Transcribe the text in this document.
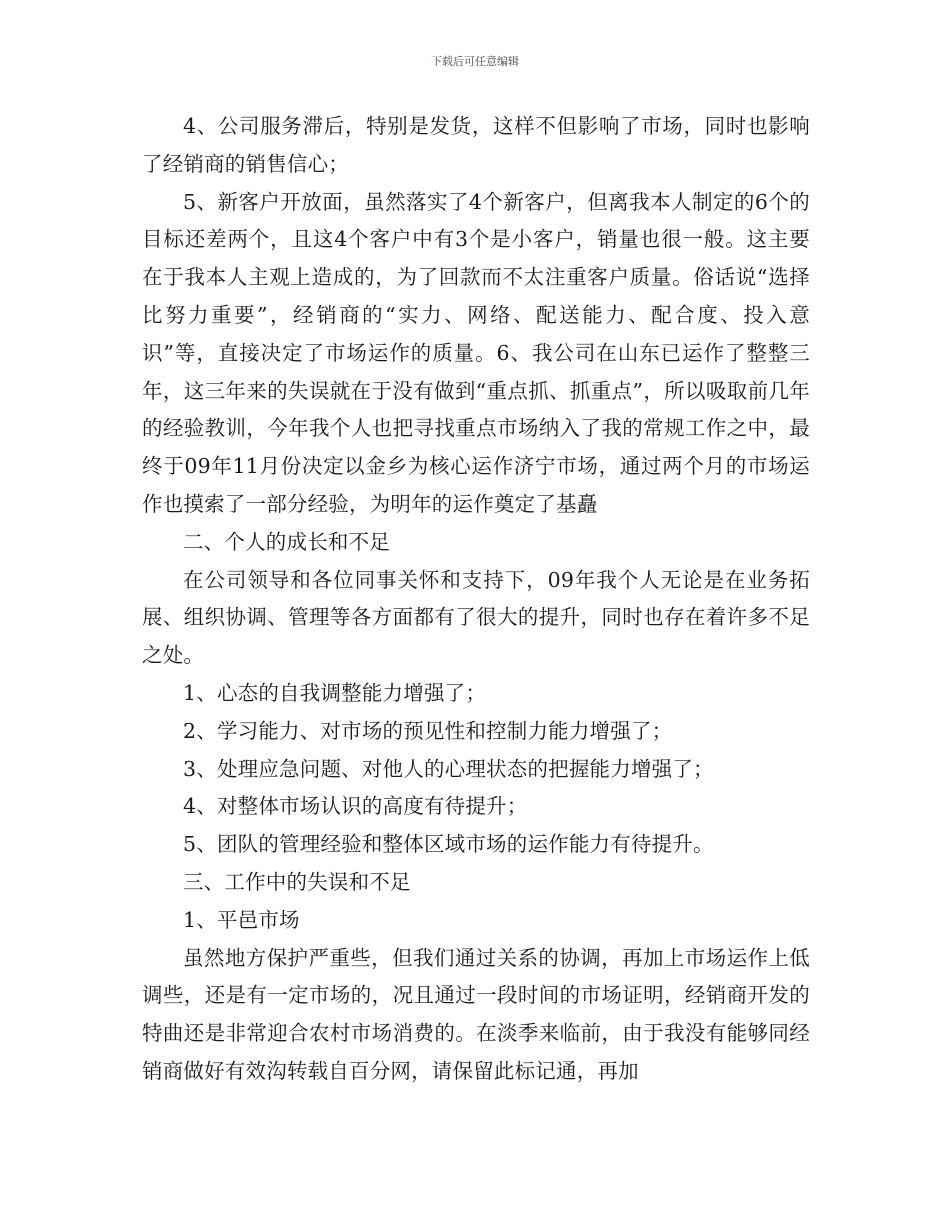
下载后可任意编辑

4、公司服务滞后，特别是发货，这样不但影响了市场，同时也影响了经销商的销售信心；

5、新客户开放面，虽然落实了4个新客户，但离我本人制定的6个的目标还差两个，且这4个客户中有3个是小客户，销量也很一般。这主要在于我本人主观上造成的，为了回款而不太注重客户质量。俗话说“选择比努力重要”，经销商的“实力、网络、配送能力、配合度、投入意识”等，直接决定了市场运作的质量。6、我公司在山东已运作了整整三年，这三年来的失误就在于没有做到“重点抓、抓重点”，所以吸取前几年的经验教训，今年我个人也把寻找重点市场纳入了我的常规工作之中，最终于09年11月份决定以金乡为核心运作济宁市场，通过两个月的市场运作也摸索了一部分经验，为明年的运作奠定了基矗

二、个人的成长和不足

在公司领导和各位同事关怀和支持下，09年我个人无论是在业务拓展、组织协调、管理等各方面都有了很大的提升，同时也存在着许多不足之处。

1、心态的自我调整能力增强了；

2、学习能力、对市场的预见性和控制力能力增强了；

3、处理应急问题、对他人的心理状态的把握能力增强了；

4、对整体市场认识的高度有待提升；

5、团队的管理经验和整体区域市场的运作能力有待提升。

三、工作中的失误和不足

1、平邑市场

虽然地方保护严重些，但我们通过关系的协调，再加上市场运作上低调些，还是有一定市场的，况且通过一段时间的市场证明，经销商开发的特曲还是非常迎合农村市场消费的。在淡季来临前，由于我没有能够同经销商做好有效沟转载自百分网，请保留此标记通，再加
